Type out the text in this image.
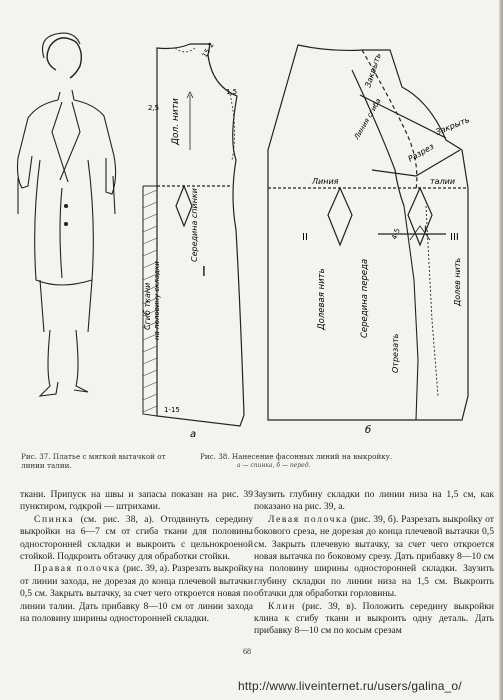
Дол. нити
Середина спинки
Сгиб ткани на половину складки	I
2,5
1,5
1-15
15-2
а
Закрыть
Закрыть
Разрез
Линия
Линия сгиба
талии
Долевая нить	Середина переда
Отрезать
Долев нить
II	III
I
4-5
б
Рис. 37. Платье с мягкой вытачкой от линии талии.
Рис. 38. Нанесение фасонных линий на выкройку.
а — спинка, б — перед.

ткани. Припуск на швы и запасы показан на рис. 39 пунктиром, годкрой — штрихами.

Спинка (см. рис. 38, а). Отодвинуть середину выкройки на 6—7 см от сгиба ткани для половины односторонней складки и выкроить с цельнокроеной стойкой. Подкроить обтачку для обработки стойки.

Правая полочка (рис. 39, а). Разрезать выкройку от линии захода, не дорезая до конца плечевой вытачки 0,5 см. Закрыть вытачку, за счет чего откроется новая по линии талии. Дать прибавку 8—10 см от линии захода на половину ширины односторонней складки.

Заузить глубину складки по линии низа на 1,5 см, как показано на рис. 39, а.

Левая полочка (рис. 39, б). Разрезать выкройку от бокового среза, не дорезая до конца плечевой вытачки 0,5 см. Закрыть плечевую вытачку, за счет чего откроется новая вытачка по боковому срезу. Дать прибавку 8—10 см на половину ширины односторонней складки. Заузить глубину складки по линии низа на 1,5 см. Выкроить обтачки для обработки горловины.

Клин (рис. 39, в). Положить середину выкройки клина к сгибу ткани и выкроить одну деталь. Дать прибавку 8—10 см по косым срезам

68
http://www.liveinternet.ru/users/galina_o/
